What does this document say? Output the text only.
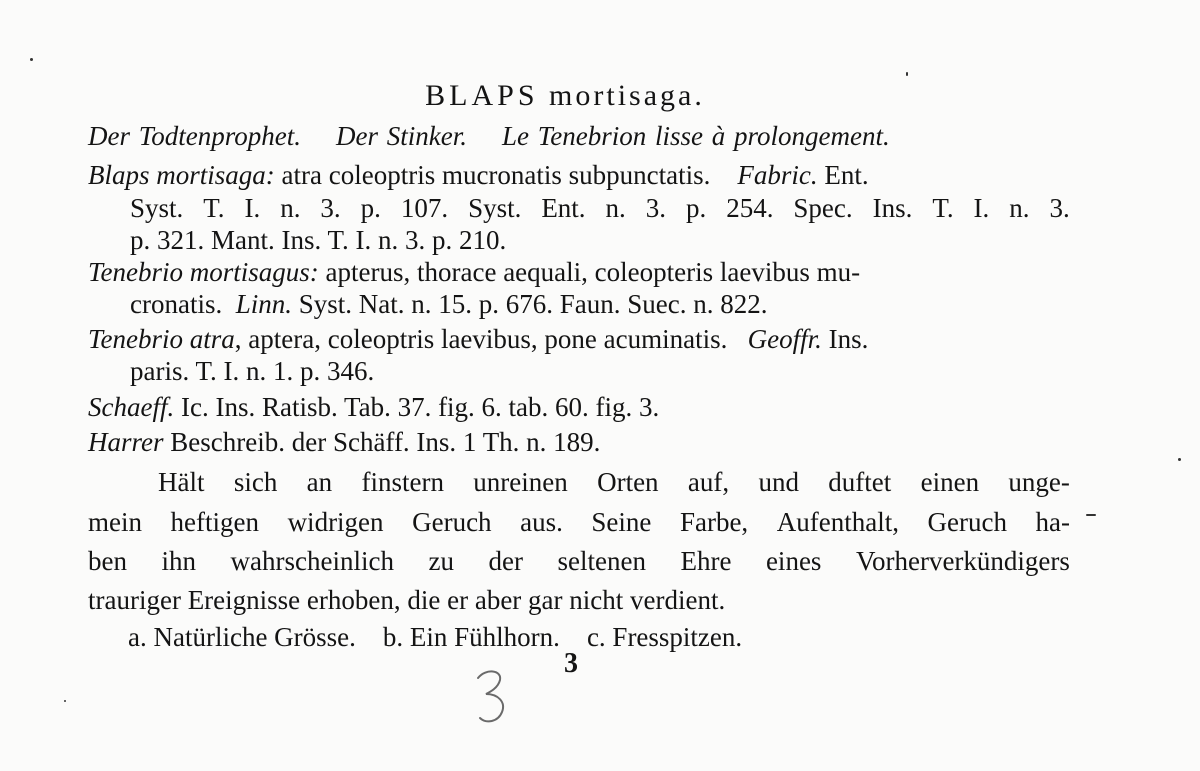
BLAPS mortisaga.
Der Todtenprophet. Der Stinker. Le Tenebrion lisse à prolongement.
Blaps mortisaga: atra coleoptris mucronatis subpunctatis. Fabric. Ent.
Syst. T. I. n. 3. p. 107. Syst. Ent. n. 3. p. 254. Spec. Ins. T. I. n. 3.
p. 321. Mant. Ins. T. I. n. 3. p. 210.
Tenebrio mortisagus: apterus, thorace aequali, coleopteris laevibus mu-
cronatis. Linn. Syst. Nat. n. 15. p. 676. Faun. Suec. n. 822.
Tenebrio atra, aptera, coleoptris laevibus, pone acuminatis. Geoffr. Ins.
paris. T. I. n. 1. p. 346.
Schaeff. Ic. Ins. Ratisb. Tab. 37. fig. 6. tab. 60. fig. 3.
Harrer Beschreib. der Schäff. Ins. 1 Th. n. 189.
Hält sich an finstern unreinen Orten auf, und duftet einen unge-
mein heftigen widrigen Geruch aus. Seine Farbe, Aufenthalt, Geruch ha-
ben ihn wahrscheinlich zu der seltenen Ehre eines Vorherverkündigers
trauriger Ereignisse erhoben, die er aber gar nicht verdient.
a. Natürliche Grösse. b. Ein Fühlhorn. c. Fresspitzen.
3
